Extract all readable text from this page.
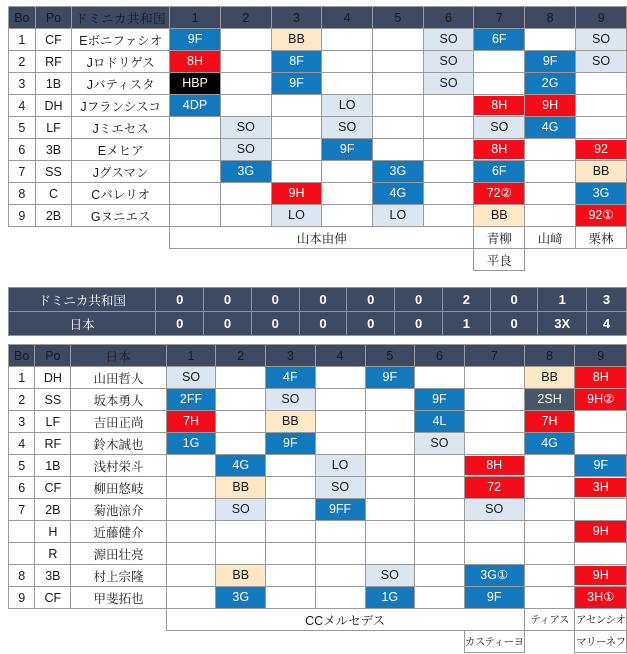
Bo	Po	ドミニカ共和国	1	2	3	4	5	6	7	8	9
1	CF	Eボニファシオ	9F		BB			SO	6F		SO

2	RF	Jロドリゲス	8H		8F			SO		9F	SO

3	1B	Jバティスタ	HBP		9F			SO		2G	

4	DH	Jフランシスコ	4DP			LO			8H	9H	

5	LF	Jミエセス		SO		SO			SO	4G	

6	3B	Eメヒア		SO		9F			8H		92

7	SS	Jグスマン		3G			3G		6F		BB

8	C	Cバレリオ			9H		4G		72②		3G

9	2B	Gヌニエス			LO		LO		BB		92①

			山本由伸						青柳	山﨑	栗林
									平良		
ドミニカ共和国	0	0	0	0	0	0	2	0	1	3
日本	0	0	0	0	0	0	1	0	3X	4
Bo	Po	日本	1	2	3	4	5	6	7	8	9
1	DH	山田哲人	SO		4F		9F			BB	8H

2	SS	坂本勇人	2FF		SO			9F		2SH	9H②

3	LF	吉田正尚	7H		BB			4L		7H	

4	RF	鈴木誠也	1G		9F			SO		4G	

5	1B	浅村栄斗		4G		LO			8H		9F

6	CF	柳田悠岐		BB		SO			72		3H

7	2B	菊池涼介		SO		9FF			SO		

	H	近藤健介									9H

	R	源田壮亮	

8	3B	村上宗隆		BB			SO		3G①		9H

9	CF	甲斐拓也		3G			1G		9F		3H①

			CCメルセデス							ティアス	アセンシオ
									カスティーヨ		マリーネフ
